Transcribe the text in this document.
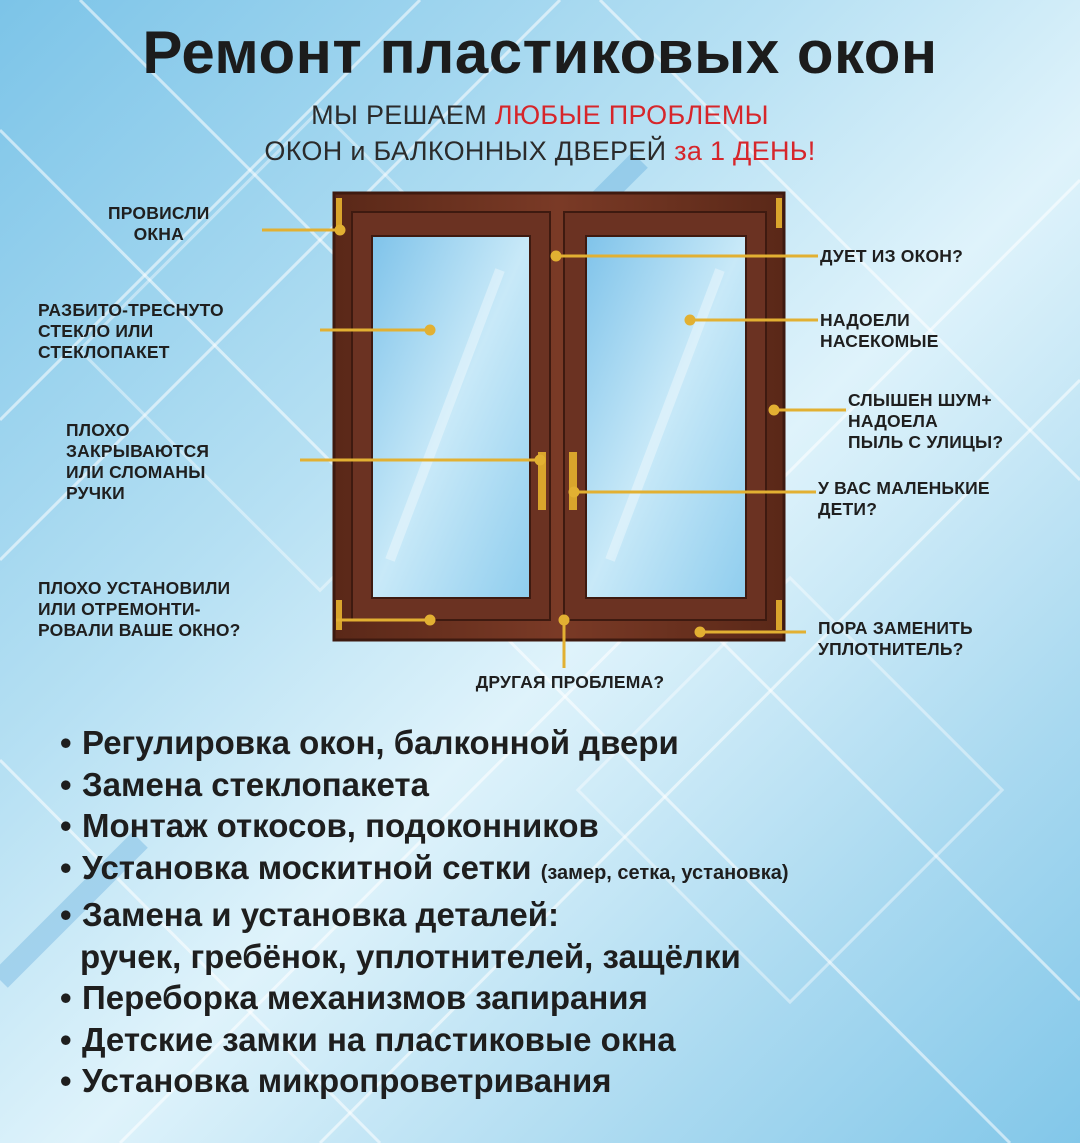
Ремонт пластиковых окон
МЫ РЕШАЕМ ЛЮБЫЕ ПРОБЛЕМЫ
ОКОН и БАЛКОННЫХ ДВЕРЕЙ за 1 ДЕНЬ!
ПРОВИСЛИ
ОКНА
РАЗБИТО-ТРЕСНУТО
СТЕКЛО ИЛИ
СТЕКЛОПАКЕТ
ПЛОХО
ЗАКРЫВАЮТСЯ
ИЛИ СЛОМАНЫ
РУЧКИ
ПЛОХО УСТАНОВИЛИ
ИЛИ ОТРЕМОНТИ-
РОВАЛИ ВАШЕ ОКНО?
ДУЕТ ИЗ ОКОН?
НАДОЕЛИ
НАСЕКОМЫЕ
СЛЫШЕН ШУМ+
НАДОЕЛА
ПЫЛЬ С УЛИЦЫ?
У ВАС МАЛЕНЬКИЕ
ДЕТИ?
ПОРА ЗАМЕНИТЬ
УПЛОТНИТЕЛЬ?
ДРУГАЯ ПРОБЛЕМА?
• Регулировка окон, балконной двери
• Замена стеклопакета
• Монтаж откосов, подоконников
• Установка москитной сетки (замер, сетка, установка)
• Замена и установка деталей:
ручек, гребёнок, уплотнителей, защёлки
• Переборка механизмов запирания
• Детские замки на пластиковые окна
• Установка микропроветривания
